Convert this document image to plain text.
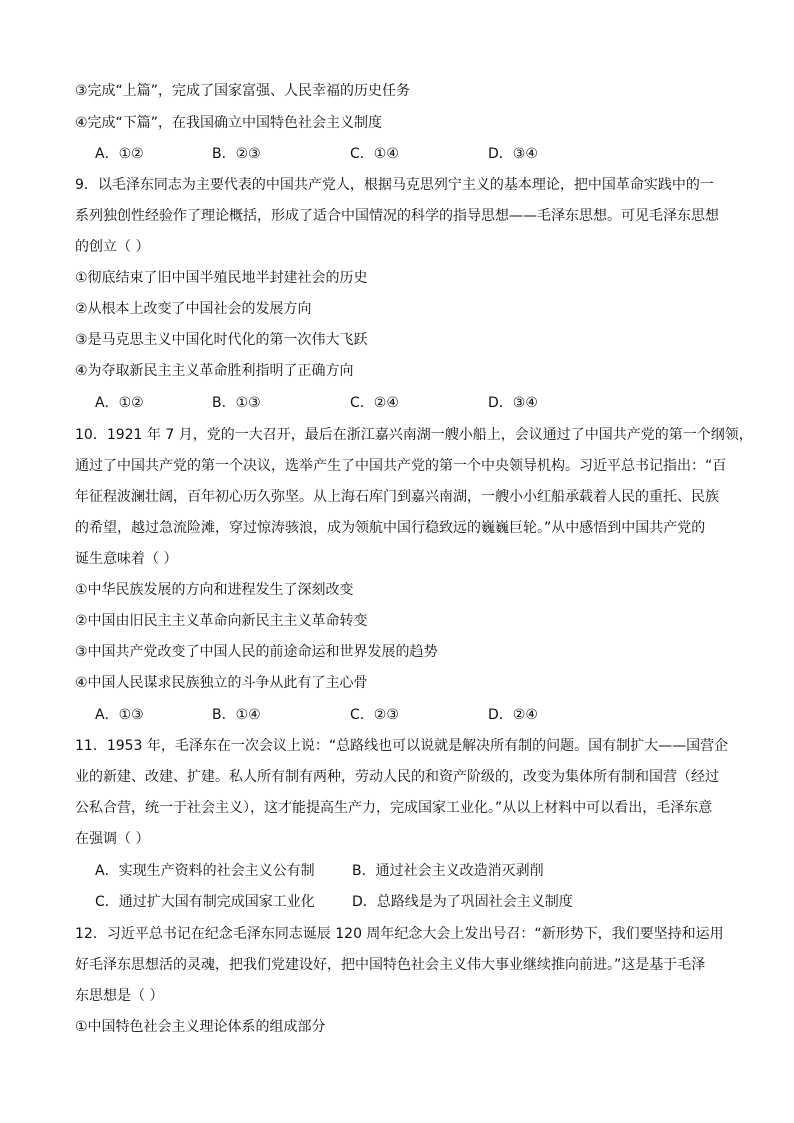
③完成“上篇”，完成了国家富强、人民幸福的历史任务
④完成“下篇”，在我国确立中国特色社会主义制度
A．①②	B．②③	C．①④	D．③④
9．以毛泽东同志为主要代表的中国共产党人，根据马克思列宁主义的基本理论，把中国革命实践中的一
系列独创性经验作了理论概括，形成了适合中国情况的科学的指导思想——毛泽东思想。可见毛泽东思想
的创立（ ）
①彻底结束了旧中国半殖民地半封建社会的历史
②从根本上改变了中国社会的发展方向
③是马克思主义中国化时代化的第一次伟大飞跃
④为夺取新民主主义革命胜利指明了正确方向
A．①②	B．①③	C．②④	D．③④
10．1921 年 7 月，党的一大召开，最后在浙江嘉兴南湖一艘小船上，会议通过了中国共产党的第一个纲领，
通过了中国共产党的第一个决议，选举产生了中国共产党的第一个中央领导机构。习近平总书记指出：“百
年征程波澜壮阔，百年初心历久弥坚。从上海石库门到嘉兴南湖，一艘小小红船承载着人民的重托、民族
的希望，越过急流险滩，穿过惊涛骇浪，成为领航中国行稳致远的巍巍巨轮。”从中感悟到中国共产党的
诞生意味着（ ）
①中华民族发展的方向和进程发生了深刻改变
②中国由旧民主主义革命向新民主主义革命转变
③中国共产党改变了中国人民的前途命运和世界发展的趋势
④中国人民谋求民族独立的斗争从此有了主心骨
A．①③	B．①④	C．②③	D．②④
11．1953 年，毛泽东在一次会议上说：“总路线也可以说就是解决所有制的问题。国有制扩大——国营企
业的新建、改建、扩建。私人所有制有两种，劳动人民的和资产阶级的，改变为集体所有制和国营（经过
公私合营，统一于社会主义），这才能提高生产力，完成国家工业化。”从以上材料中可以看出，毛泽东意
在强调（ ）
A．实现生产资料的社会主义公有制	B．通过社会主义改造消灭剥削
C．通过扩大国有制完成国家工业化	D．总路线是为了巩固社会主义制度
12．习近平总书记在纪念毛泽东同志诞辰 120 周年纪念大会上发出号召：“新形势下，我们要坚持和运用
好毛泽东思想活的灵魂，把我们党建设好，把中国特色社会主义伟大事业继续推向前进。”这是基于毛泽
东思想是（ ）
①中国特色社会主义理论体系的组成部分
